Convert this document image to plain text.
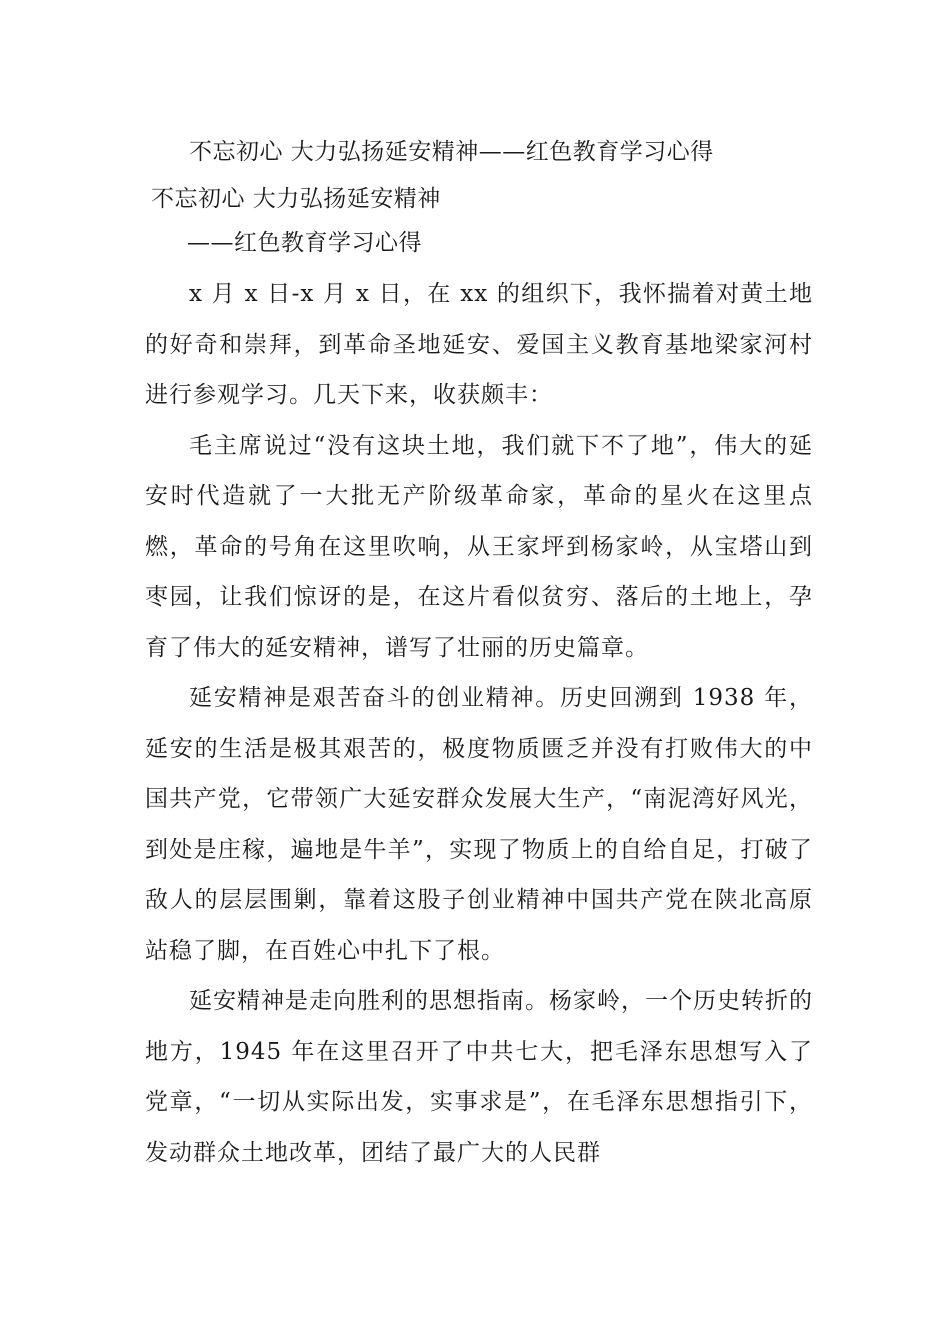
不忘初心 大力弘扬延安精神——红色教育学习心得
不忘初心 大力弘扬延安精神
——红色教育学习心得

x 月 x 日-x 月 x 日，在 xx 的组织下，我怀揣着对黄土地的好奇和崇拜，到革命圣地延安、爱国主义教育基地梁家河村进行参观学习。几天下来，收获颇丰：

毛主席说过“没有这块土地，我们就下不了地”，伟大的延安时代造就了一大批无产阶级革命家，革命的星火在这里点燃，革命的号角在这里吹响，从王家坪到杨家岭，从宝塔山到枣园，让我们惊讶的是，在这片看似贫穷、落后的土地上，孕育了伟大的延安精神，谱写了壮丽的历史篇章。

延安精神是艰苦奋斗的创业精神。历史回溯到 1938 年，延安的生活是极其艰苦的，极度物质匮乏并没有打败伟大的中国共产党，它带领广大延安群众发展大生产，“南泥湾好风光，到处是庄稼，遍地是牛羊”，实现了物质上的自给自足，打破了敌人的层层围剿，靠着这股子创业精神中国共产党在陕北高原站稳了脚，在百姓心中扎下了根。

延安精神是走向胜利的思想指南。杨家岭，一个历史转折的地方，1945 年在这里召开了中共七大，把毛泽东思想写入了党章，“一切从实际出发，实事求是”，在毛泽东思想指引下，发动群众土地改革，团结了最广大的人民群
